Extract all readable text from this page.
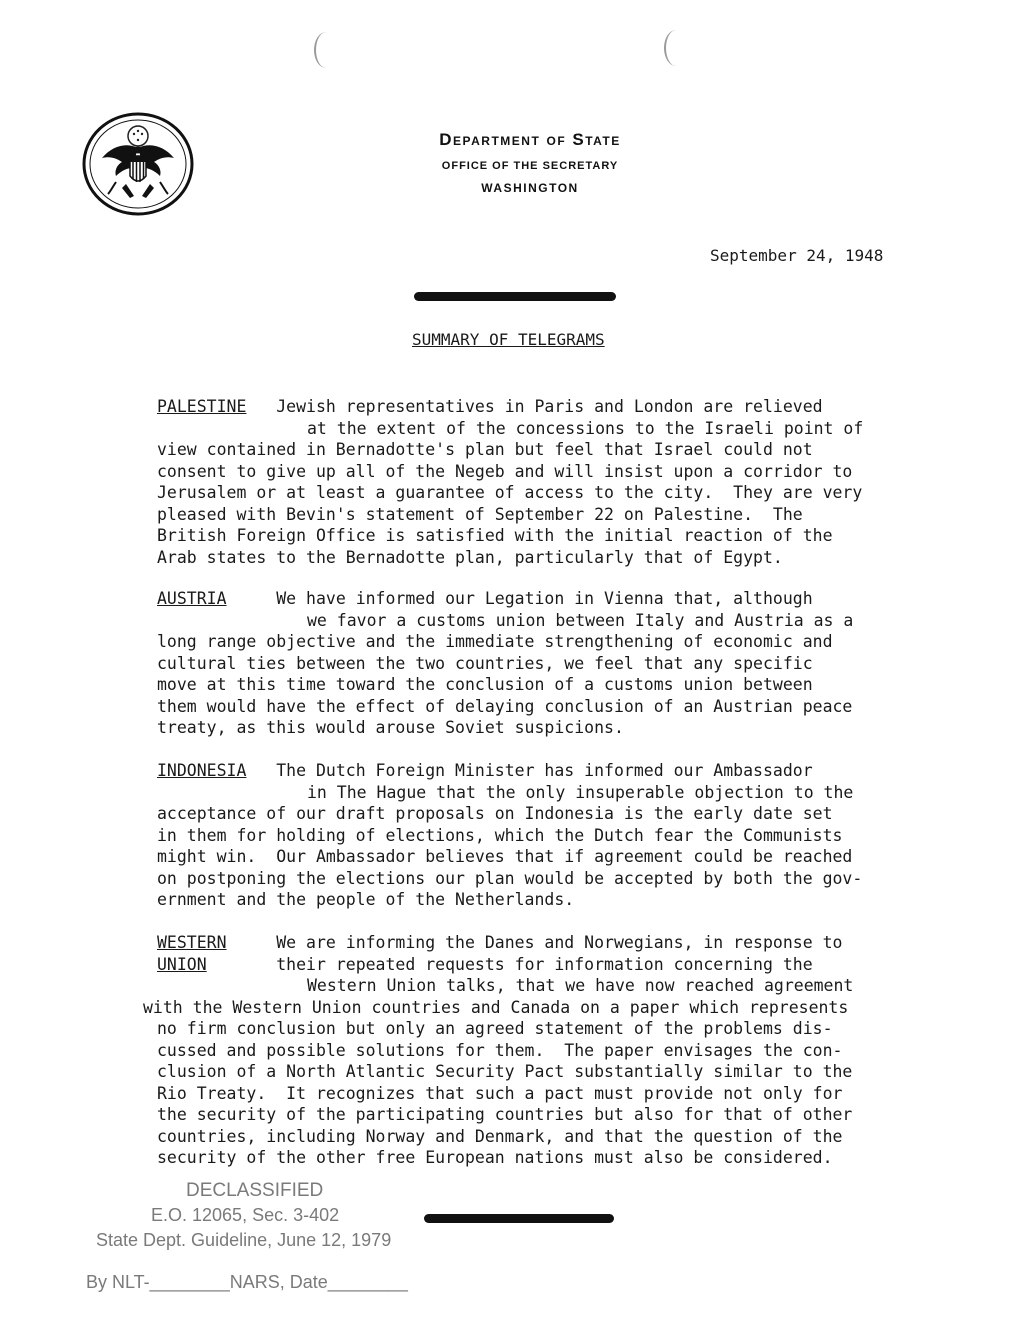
Department of State
OFFICE OF THE SECRETARY
WASHINGTON
September 24, 1948
SUMMARY OF TELEGRAMS
PALESTINE Jewish representatives in Paris and London are relieved
at the extent of the concessions to the Israeli point of
view contained in Bernadotte's plan but feel that Israel could not
consent to give up all of the Negeb and will insist upon a corridor to
Jerusalem or at least a guarantee of access to the city.  They are very
pleased with Bevin's statement of September 22 on Palestine.  The
British Foreign Office is satisfied with the initial reaction of the
Arab states to the Bernadotte plan, particularly that of Egypt.
AUSTRIA	We have informed our Legation in Vienna that, although
we favor a customs union between Italy and Austria as a
long range objective and the immediate strengthening of economic and
cultural ties between the two countries, we feel that any specific
move at this time toward the conclusion of a customs union between
them would have the effect of delaying conclusion of an Austrian peace
treaty, as this would arouse Soviet suspicions.
INDONESIA The Dutch Foreign Minister has informed our Ambassador
in The Hague that the only insuperable objection to the
acceptance of our draft proposals on Indonesia is the early date set
in them for holding of elections, which the Dutch fear the Communists
might win.  Our Ambassador believes that if agreement could be reached
on postponing the elections our plan would be accepted by both the gov-
ernment and the people of the Netherlands.
WESTERN	We are informing the Danes and Norwegians, in response to
UNION	their repeated requests for information concerning the
Western Union talks, that we have now reached agreement
with the Western Union countries and Canada on a paper which represents
no firm conclusion but only an agreed statement of the problems dis-
cussed and possible solutions for them.  The paper envisages the con-
clusion of a North Atlantic Security Pact substantially similar to the
Rio Treaty.  It recognizes that such a pact must provide not only for
the security of the participating countries but also for that of other
countries, including Norway and Denmark, and that the question of the
security of the other free European nations must also be considered.
DECLASSIFIED
E.O. 12065, Sec. 3-402
State Dept. Guideline, June 12, 1979
By NLT-________NARS, Date________
